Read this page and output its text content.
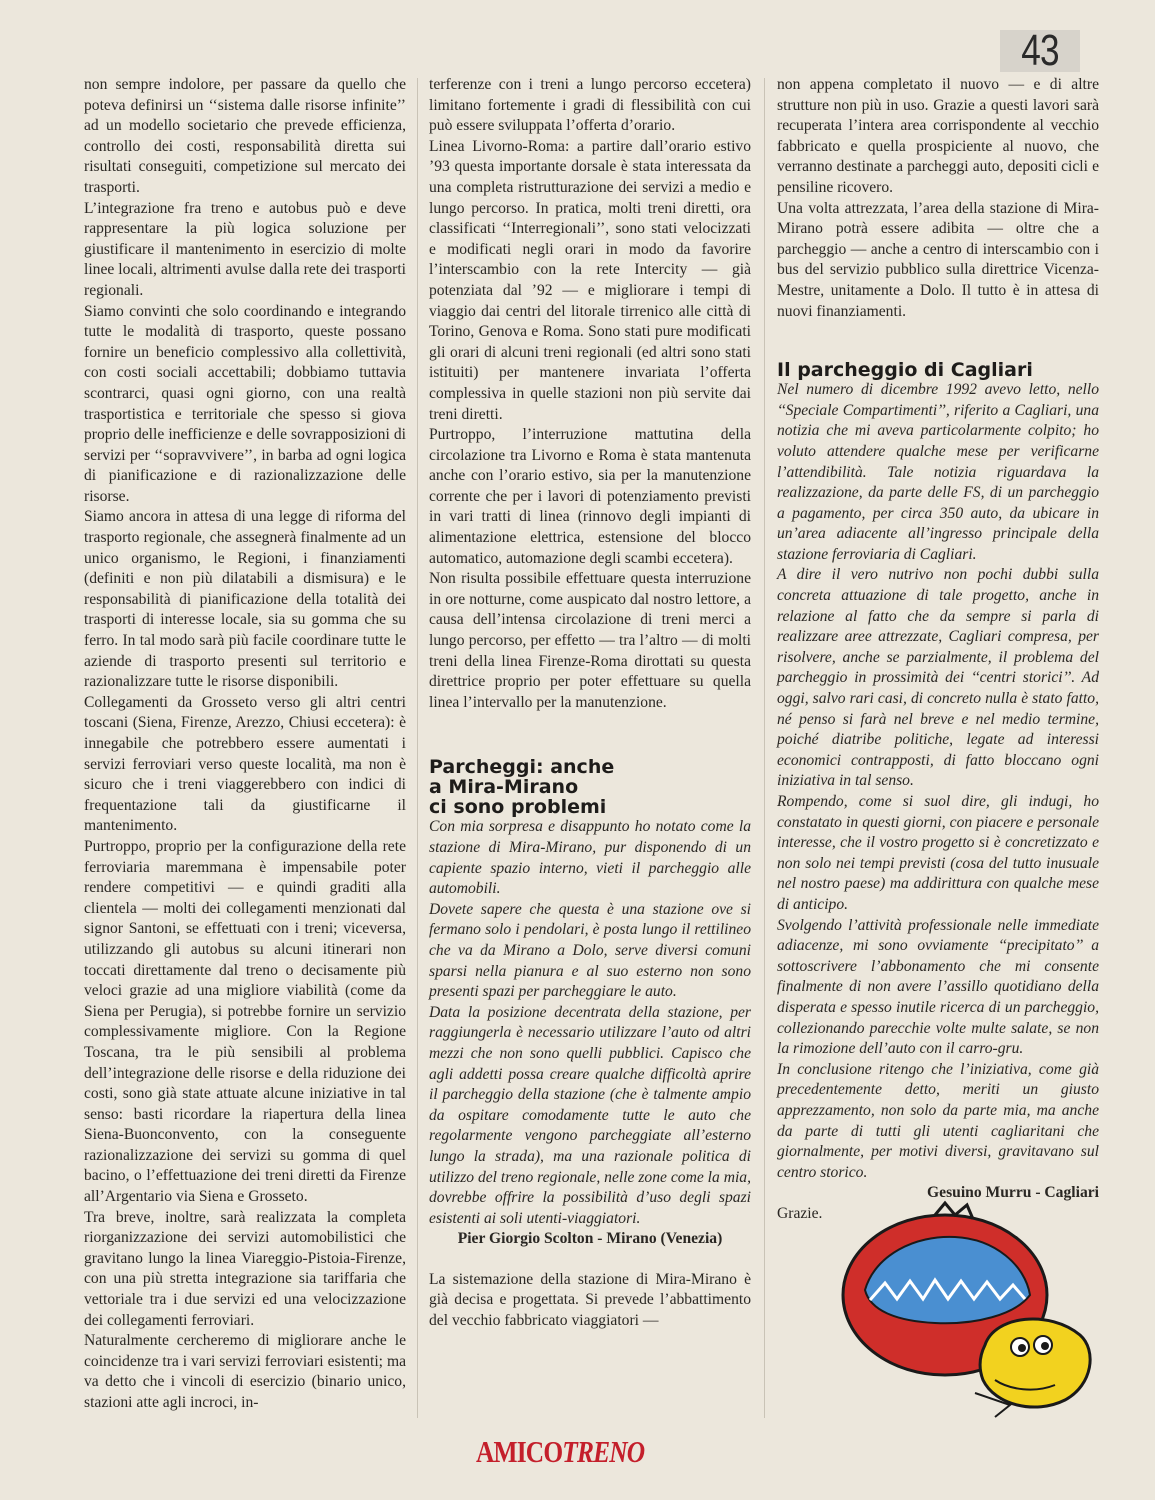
43

non sempre indolore, per passare da quello che poteva definirsi un ‘‘sistema dalle risorse infinite’’ ad un modello societario che prevede efficienza, controllo dei costi, responsabilità diretta sui risultati conseguiti, competizione sul mercato dei trasporti.

L’integrazione fra treno e autobus può e deve rappresentare la più logica soluzione per giustificare il mantenimento in esercizio di molte linee locali, altrimenti avulse dalla rete dei trasporti regionali.

Siamo convinti che solo coordinando e integrando tutte le modalità di trasporto, queste possano fornire un beneficio complessivo alla collettività, con costi sociali accettabili; dobbiamo tuttavia scontrarci, quasi ogni giorno, con una realtà trasportistica e territoriale che spesso si giova proprio delle inefficienze e delle sovrapposizioni di servizi per ‘‘sopravvivere’’, in barba ad ogni logica di pianificazione e di razionalizzazione delle risorse.

Siamo ancora in attesa di una legge di riforma del trasporto regionale, che assegnerà finalmente ad un unico organismo, le Regioni, i finanziamenti (definiti e non più dilatabili a dismisura) e le responsabilità di pianificazione della totalità dei trasporti di interesse locale, sia su gomma che su ferro. In tal modo sarà più facile coordinare tutte le aziende di trasporto presenti sul territorio e razionalizzare tutte le risorse disponibili.

Collegamenti da Grosseto verso gli altri centri toscani (Siena, Firenze, Arezzo, Chiusi eccetera): è innegabile che potrebbero essere aumentati i servizi ferroviari verso queste località, ma non è sicuro che i treni viaggerebbero con indici di frequentazione tali da giustificarne il mantenimento.

Purtroppo, proprio per la configurazione della rete ferroviaria maremmana è impensabile poter rendere competitivi — e quindi graditi alla clientela — molti dei collegamenti menzionati dal signor Santoni, se effettuati con i treni; viceversa, utilizzando gli autobus su alcuni itinerari non toccati direttamente dal treno o decisamente più veloci grazie ad una migliore viabilità (come da Siena per Perugia), si potrebbe fornire un servizio complessivamente migliore. Con la Regione Toscana, tra le più sensibili al problema dell’integrazione delle risorse e della riduzione dei costi, sono già state attuate alcune iniziative in tal senso: basti ricordare la riapertura della linea Siena-Buonconvento, con la conseguente razionalizzazione dei servizi su gomma di quel bacino, o l’effettuazione dei treni diretti da Firenze all’Argentario via Siena e Grosseto.

Tra breve, inoltre, sarà realizzata la completa riorganizzazione dei servizi automobilistici che gravitano lungo la linea Viareggio-Pistoia-Firenze, con una più stretta integrazione sia tariffaria che vettoriale tra i due servizi ed una velocizzazione dei collegamenti ferroviari.

Naturalmente cercheremo di migliorare anche le coincidenze tra i vari servizi ferroviari esistenti; ma va detto che i vincoli di esercizio (binario unico, stazioni atte agli incroci, in-

terferenze con i treni a lungo percorso eccetera) limitano fortemente i gradi di flessibilità con cui può essere sviluppata l’offerta d’orario.

Linea Livorno-Roma: a partire dall’orario estivo ’93 questa importante dorsale è stata interessata da una completa ristrutturazione dei servizi a medio e lungo percorso. In pratica, molti treni diretti, ora classificati ‘‘Interregionali’’, sono stati velocizzati e modificati negli orari in modo da favorire l’interscambio con la rete Intercity — già potenziata dal ’92 — e migliorare i tempi di viaggio dai centri del litorale tirrenico alle città di Torino, Genova e Roma. Sono stati pure modificati gli orari di alcuni treni regionali (ed altri sono stati istituiti) per mantenere invariata l’offerta complessiva in quelle stazioni non più servite dai treni diretti.

Purtroppo, l’interruzione mattutina della circolazione tra Livorno e Roma è stata mantenuta anche con l’orario estivo, sia per la manutenzione corrente che per i lavori di potenziamento previsti in vari tratti di linea (rinnovo degli impianti di alimentazione elettrica, estensione del blocco automatico, automazione degli scambi eccetera).

Non risulta possibile effettuare questa interruzione in ore notturne, come auspicato dal nostro lettore, a causa dell’intensa circolazione di treni merci a lungo percorso, per effetto — tra l’altro — di molti treni della linea Firenze-Roma dirottati su questa direttrice proprio per poter effettuare su quella linea l’intervallo per la manutenzione.

Parcheggi: anche

a Mira-Mirano

ci sono problemi

Con mia sorpresa e disappunto ho notato come la stazione di Mira-Mirano, pur disponendo di un capiente spazio interno, vieti il parcheggio alle automobili.

Dovete sapere che questa è una stazione ove si fermano solo i pendolari, è posta lungo il rettilineo che va da Mirano a Dolo, serve diversi comuni sparsi nella pianura e al suo esterno non sono presenti spazi per parcheggiare le auto.

Data la posizione decentrata della stazione, per raggiungerla è necessario utilizzare l’auto od altri mezzi che non sono quelli pubblici. Capisco che agli addetti possa creare qualche difficoltà aprire il parcheggio della stazione (che è talmente ampio da ospitare comodamente tutte le auto che regolarmente vengono parcheggiate all’esterno lungo la strada), ma una razionale politica di utilizzo del treno regionale, nelle zone come la mia, dovrebbe offrire la possibilità d’uso degli spazi esistenti ai soli utenti-viaggiatori.

Pier Giorgio Scolton - Mirano (Venezia)

La sistemazione della stazione di Mira-Mirano è già decisa e progettata. Si prevede l’abbattimento del vecchio fabbricato viaggiatori —

non appena completato il nuovo — e di altre strutture non più in uso. Grazie a questi lavori sarà recuperata l’intera area corrispondente al vecchio fabbricato e quella prospiciente al nuovo, che verranno destinate a parcheggi auto, depositi cicli e pensiline ricovero.

Una volta attrezzata, l’area della stazione di Mira-Mirano potrà essere adibita — oltre che a parcheggio — anche a centro di interscambio con i bus del servizio pubblico sulla direttrice Vicenza-Mestre, unitamente a Dolo. Il tutto è in attesa di nuovi finanziamenti.

Il parcheggio di Cagliari

Nel numero di dicembre 1992 avevo letto, nello ‘‘Speciale Compartimenti’’, riferito a Cagliari, una notizia che mi aveva particolarmente colpito; ho voluto attendere qualche mese per verificarne l’attendibilità. Tale notizia riguardava la realizzazione, da parte delle FS, di un parcheggio a pagamento, per circa 350 auto, da ubicare in un’area adiacente all’ingresso principale della stazione ferroviaria di Cagliari.

A dire il vero nutrivo non pochi dubbi sulla concreta attuazione di tale progetto, anche in relazione al fatto che da sempre si parla di realizzare aree attrezzate, Cagliari compresa, per risolvere, anche se parzialmente, il problema del parcheggio in prossimità dei ‘‘centri storici’’. Ad oggi, salvo rari casi, di concreto nulla è stato fatto, né penso si farà nel breve e nel medio termine, poiché diatribe politiche, legate ad interessi economici contrapposti, di fatto bloccano ogni iniziativa in tal senso.

Rompendo, come si suol dire, gli indugi, ho constatato in questi giorni, con piacere e personale interesse, che il vostro progetto si è concretizzato e non solo nei tempi previsti (cosa del tutto inusuale nel nostro paese) ma addirittura con qualche mese di anticipo.

Svolgendo l’attività professionale nelle immediate adiacenze, mi sono ovviamente ‘‘precipitato’’ a sottoscrivere l’abbonamento che mi consente finalmente di non avere l’assillo quotidiano della disperata e spesso inutile ricerca di un parcheggio, collezionando parecchie volte multe salate, se non la rimozione dell’auto con il carro-gru.

In conclusione ritengo che l’iniziativa, come già precedentemente detto, meriti un giusto apprezzamento, non solo da parte mia, ma anche da parte di tutti gli utenti cagliaritani che giornalmente, per motivi diversi, gravitavano sul centro storico.

Gesuino Murru - Cagliari

Grazie.

AMICOTRENO
